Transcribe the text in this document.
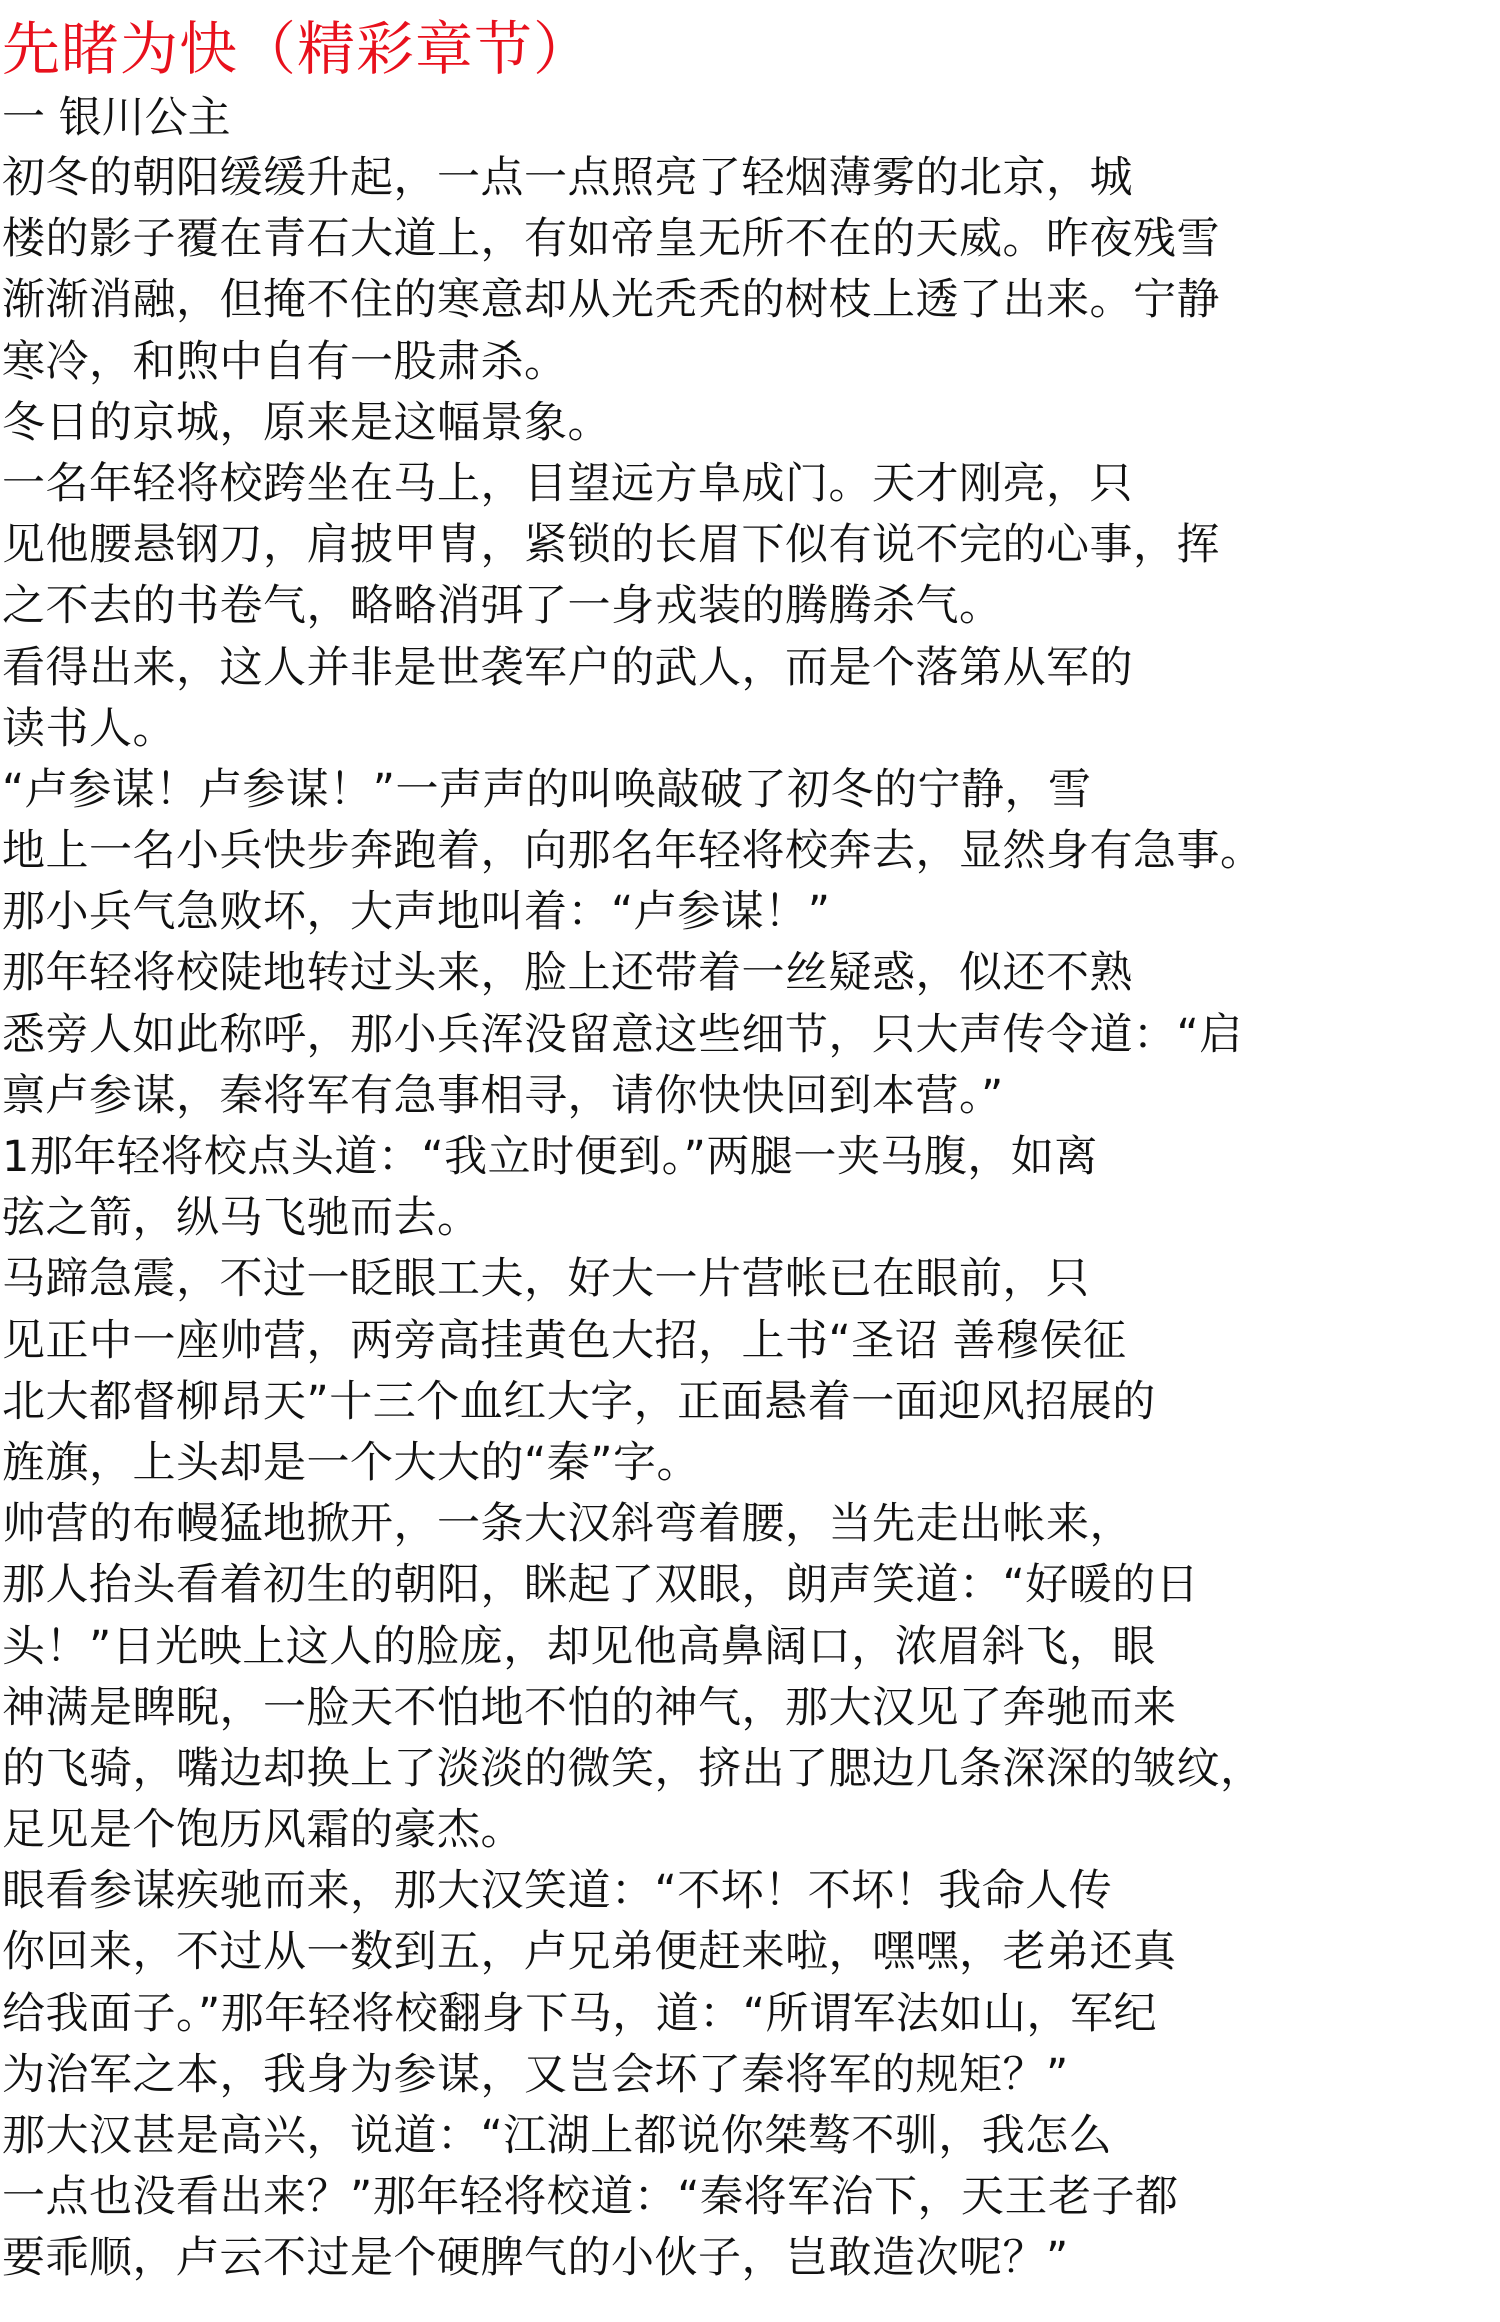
先睹为快（精彩章节）
一 银川公主
初冬的朝阳缓缓升起，一点一点照亮了轻烟薄雾的北京，城
楼的影子覆在青石大道上，有如帝皇无所不在的天威。昨夜残雪
渐渐消融，但掩不住的寒意却从光秃秃的树枝上透了出来。宁静
寒冷，和煦中自有一股肃杀。
冬日的京城，原来是这幅景象。
一名年轻将校跨坐在马上，目望远方阜成门。天才刚亮，只
见他腰悬钢刀，肩披甲胄，紧锁的长眉下似有说不完的心事，挥
之不去的书卷气，略略消弭了一身戎装的腾腾杀气。
看得出来，这人并非是世袭军户的武人，而是个落第从军的
读书人。
“卢参谋！卢参谋！”一声声的叫唤敲破了初冬的宁静，雪
地上一名小兵快步奔跑着，向那名年轻将校奔去，显然身有急事。
那小兵气急败坏，大声地叫着：“卢参谋！”
那年轻将校陡地转过头来，脸上还带着一丝疑惑，似还不熟
悉旁人如此称呼，那小兵浑没留意这些细节，只大声传令道：“启
禀卢参谋，秦将军有急事相寻，请你快快回到本营。”
1那年轻将校点头道：“我立时便到。”两腿一夹马腹，如离
弦之箭，纵马飞驰而去。
马蹄急震，不过一眨眼工夫，好大一片营帐已在眼前，只
见正中一座帅营，两旁高挂黄色大招，上书“圣诏 善穆侯征
北大都督柳昂天”十三个血红大字，正面悬着一面迎风招展的
旌旗，上头却是一个大大的“秦”字。
帅营的布幔猛地掀开，一条大汉斜弯着腰，当先走出帐来，
那人抬头看着初生的朝阳，眯起了双眼，朗声笑道：“好暖的日
头！”日光映上这人的脸庞，却见他高鼻阔口，浓眉斜飞，眼
神满是睥睨，一脸天不怕地不怕的神气，那大汉见了奔驰而来
的飞骑，嘴边却换上了淡淡的微笑，挤出了腮边几条深深的皱纹，
足见是个饱历风霜的豪杰。
眼看参谋疾驰而来，那大汉笑道：“不坏！不坏！我命人传
你回来，不过从一数到五，卢兄弟便赶来啦，嘿嘿，老弟还真
给我面子。”那年轻将校翻身下马，道：“所谓军法如山，军纪
为治军之本，我身为参谋，又岂会坏了秦将军的规矩？”
那大汉甚是高兴，说道：“江湖上都说你桀骜不驯，我怎么
一点也没看出来？”那年轻将校道：“秦将军治下，天王老子都
要乖顺，卢云不过是个硬脾气的小伙子，岂敢造次呢？”
